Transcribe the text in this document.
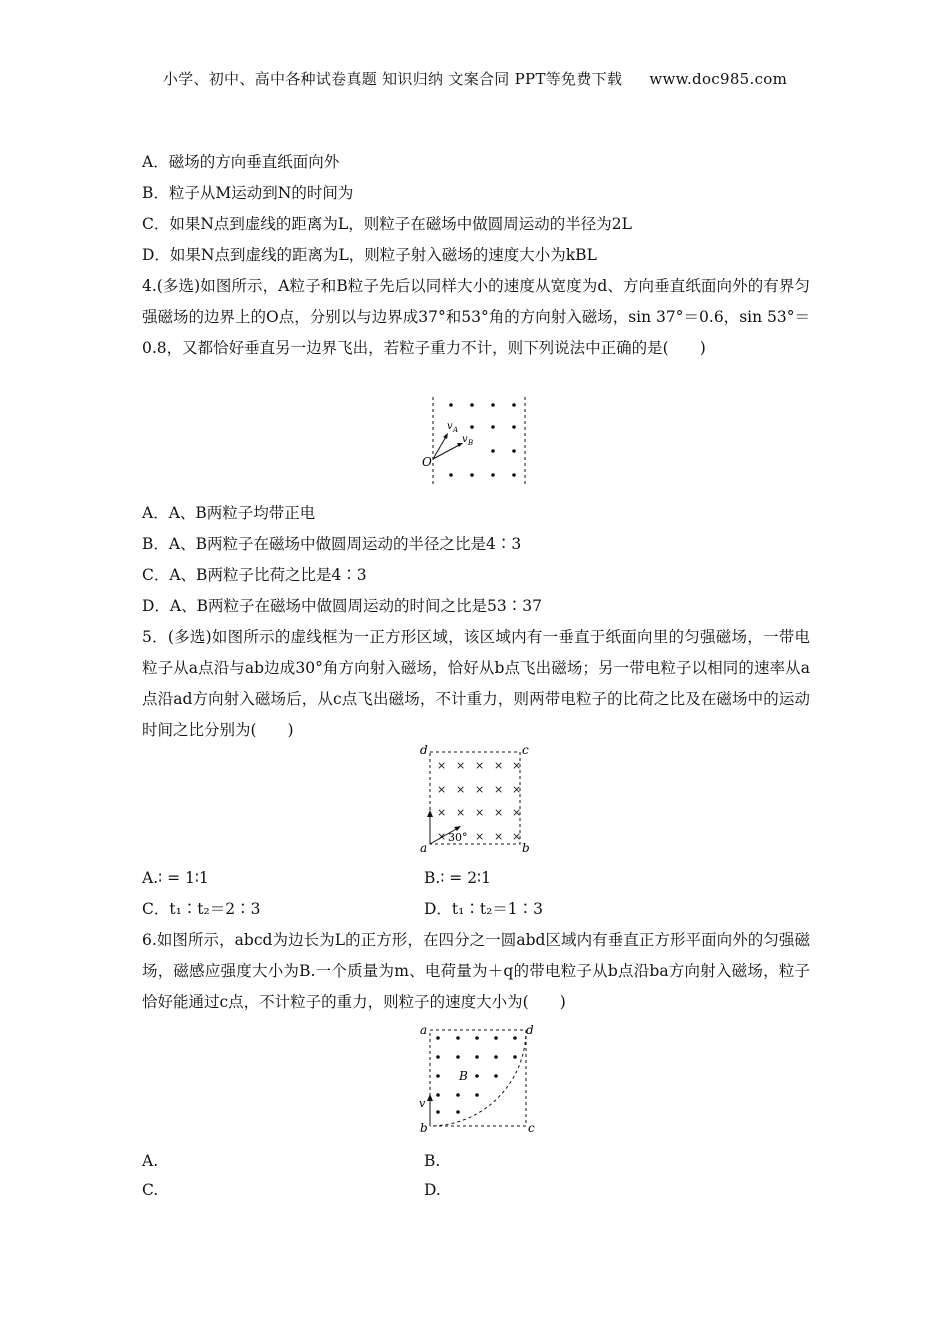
小学、初中、高中各种试卷真题 知识归纳 文案合同 PPT等免费下载 www.doc985.com
A．磁场的方向垂直纸面向外
B．粒子从M运动到N的时间为
C．如果N点到虚线的距离为L，则粒子在磁场中做圆周运动的半径为2L
D．如果N点到虚线的距离为L，则粒子射入磁场的速度大小为kBL
4.(多选)如图所示，A粒子和B粒子先后以同样大小的速度从宽度为d、方向垂直纸面向外的有界匀强磁场的边界上的O点，分别以与边界成37°和53°角的方向射入磁场，sin 37°＝0.6，sin 53°＝0.8，又都恰好垂直另一边界飞出，若粒子重力不计，则下列说法中正确的是(　　)
O
v A
v B
A．A、B两粒子均带正电
B．A、B两粒子在磁场中做圆周运动的半径之比是4∶3
C．A、B两粒子比荷之比是4∶3
D．A、B两粒子在磁场中做圆周运动的时间之比是53∶37
5．(多选)如图所示的虚线框为一正方形区域，该区域内有一垂直于纸面向里的匀强磁场，一带电粒子从a点沿与ab边成30°角方向射入磁场，恰好从b点飞出磁场；另一带电粒子以相同的速率从a点沿ad方向射入磁场后，从c点飞出磁场，不计重力，则两带电粒子的比荷之比及在磁场中的运动时间之比分别为(　　)
× × × × ×
× × × × ×
× × × × ×
×	× × ×
30°
d	c
a	b
A.∶ = 1∶1	B.∶ = 2∶1
C．t₁∶t₂＝2∶3	D．t₁∶t₂＝1∶3
6.如图所示，abcd为边长为L的正方形，在四分之一圆abd区域内有垂直正方形平面向外的匀强磁场，磁感应强度大小为B.一个质量为m、电荷量为＋q的带电粒子从b点沿ba方向射入磁场，粒子恰好能通过c点，不计粒子的重力，则粒子的速度大小为(　　)
B
v
a	d
b	c
A.	B.
C.	D.
